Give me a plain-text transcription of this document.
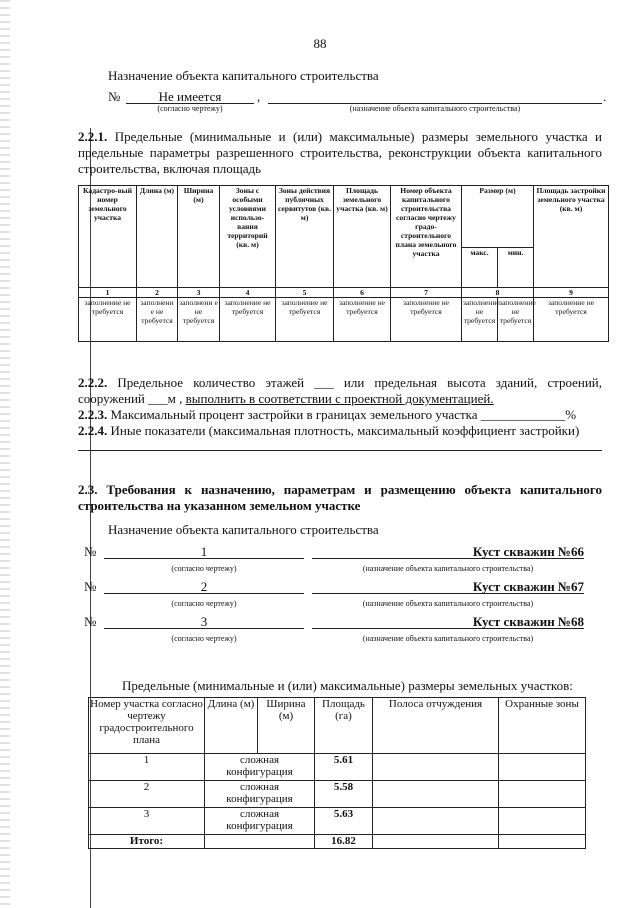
88
Назначение объекта капитального строительства
№	Не имеется	,	.
(согласно чертежу)	(назначение объекта капитального строительства)
2.2.1. Предельные (минимальные и (или) максимальные) размеры земельного участка и предельные параметры разрешенного строительства, реконструкции объекта капитального строительства, включая площадь
Кадастро-вый номер земельного участка	Длина (м)	Ширина (м)	Зоны с особыми условиями использо-вания территорий (кв. м)	Зоны действия публичных сервитутов (кв. м)	Площадь земельного участка (кв. м)	Номер объекта капитального строительства согласно чертежу градо-строительного плана земельного участка	Размер (м)		Площадь застройки земельного участка (кв. м)
							макс.	мин.	
1	2	3	4	5	6	7	8		9
заполнение не требуется	заполнени е не требуется	заполнени е не требуется	заполнение не требуется	заполнение не требуется	заполнение не требуется	заполнение не требуется	заполнение не требуется	заполнение не требуется	заполнение не требуется
2.2.2. Предельное количество этажей ___ или предельная высота зданий, строений,
сооружений ___м , выполнить в соответствии с проектной документацией.
2.2.3. Максимальный процент застройки в границах земельного участка _____________%
2.2.4. Иные показатели (максимальная плотность, максимальный коэффициент застройки)
2.3. Требования к назначению, параметрам и размещению объекта капитального
строительства на указанном земельном участке
Назначение объекта капитального строительства
№	1	Куст скважин №66
(согласно чертежу)	(назначение объекта капитального строительства)
№	2	Куст скважин №67
(согласно чертежу)	(назначение объекта капитального строительства)
№	3	Куст скважин №68
(согласно чертежу)	(назначение объекта капитального строительства)
Предельные (минимальные и (или) максимальные) размеры земельных участков:
Номер участка согласно чертежу градостроительного плана	Длина (м)	Ширина (м)	Площадь (га)	Полоса отчуждения	Охранные зоны
1	сложная конфигурация		5.61		
2	сложная конфигурация		5.58		
3	сложная конфигурация		5.63		
Итого:			16.82		
